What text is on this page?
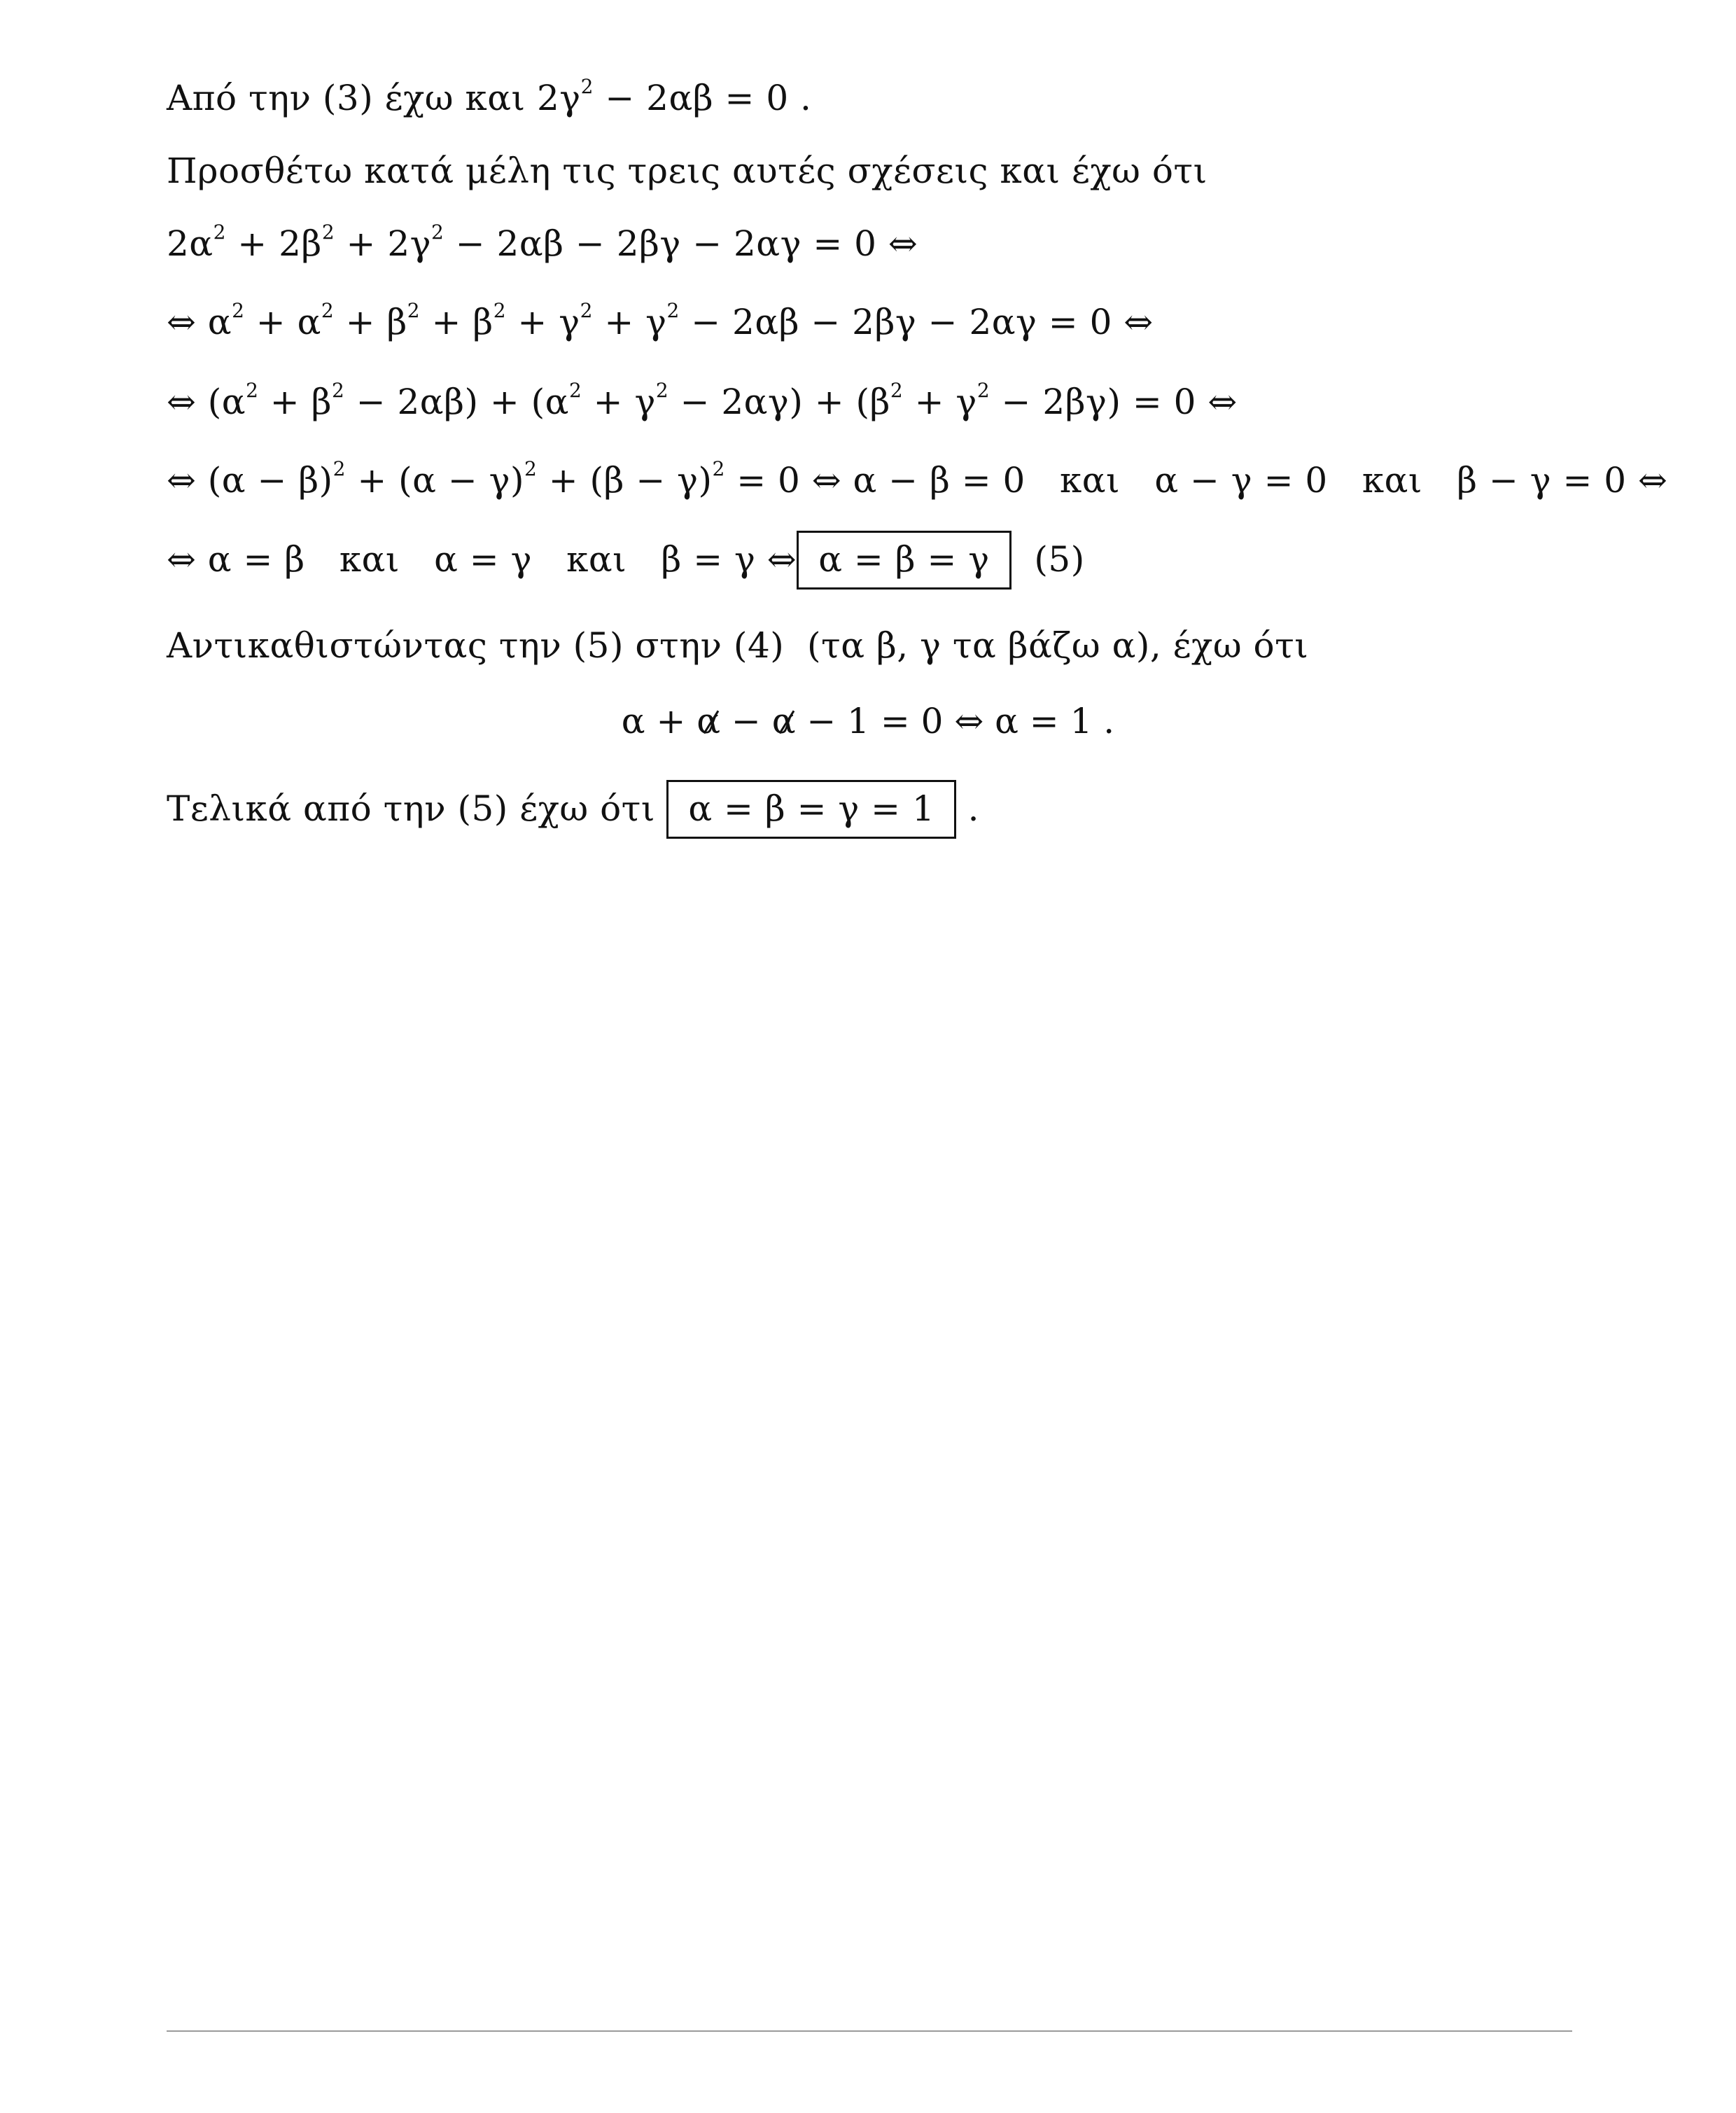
Από την (3) έχω και $2\gamma^2 - 2\alpha\beta = 0$ .
Προσθέτω κατά μέλη τις τρεις αυτές σχέσεις και έχω ότι
$2\alpha^2 + 2\beta^2 + 2\gamma^2 - 2\alpha\beta - 2\beta\gamma - 2\alpha\gamma = 0$ ⇔
⇔ $\alpha^2 + \alpha^2 + \beta^2 + \beta^2 + \gamma^2 + \gamma^2 - 2\alpha\beta - 2\beta\gamma - 2\alpha\gamma = 0$ ⇔
⇔ $(\alpha^2 + \beta^2 - 2\alpha\beta) + (\alpha^2 + \gamma^2 - 2\alpha\gamma) + (\beta^2 + \gamma^2 - 2\beta\gamma) = 0$ ⇔
⇔ $(\alpha - \beta)^2 + (\alpha - \gamma)^2 + (\beta - \gamma)^2 = 0$ ⇔ α − β = 0   και   α − γ = 0   και   β − γ = 0 ⇔
⇔ α = β   και   α = γ   και   β = γ ⇔ α = β = γ  (5)
Αντικαθιστώντας την (5) στην (4)  (τα β, γ τα βάζω α), έχω ότι
α + α − α − 1 = 0 ⇔ α = 1 .
Τελικά από την (5) έχω ότι α = β = γ = 1 .
